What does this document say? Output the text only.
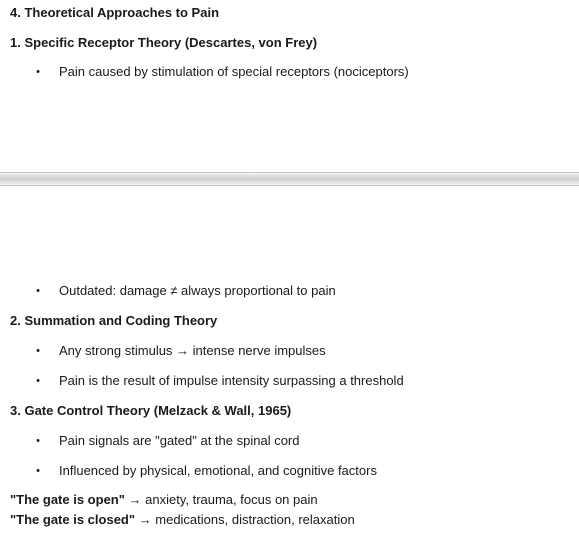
4. Theoretical Approaches to Pain
1. Specific Receptor Theory (Descartes, von Frey)
• Pain caused by stimulation of special receptors (nociceptors)
• Outdated: damage ≠ always proportional to pain
2. Summation and Coding Theory
• Any strong stimulus → intense nerve impulses
• Pain is the result of impulse intensity surpassing a threshold
3. Gate Control Theory (Melzack & Wall, 1965)
• Pain signals are "gated" at the spinal cord
• Influenced by physical, emotional, and cognitive factors
"The gate is open" → anxiety, trauma, focus on pain
"The gate is closed" → medications, distraction, relaxation
